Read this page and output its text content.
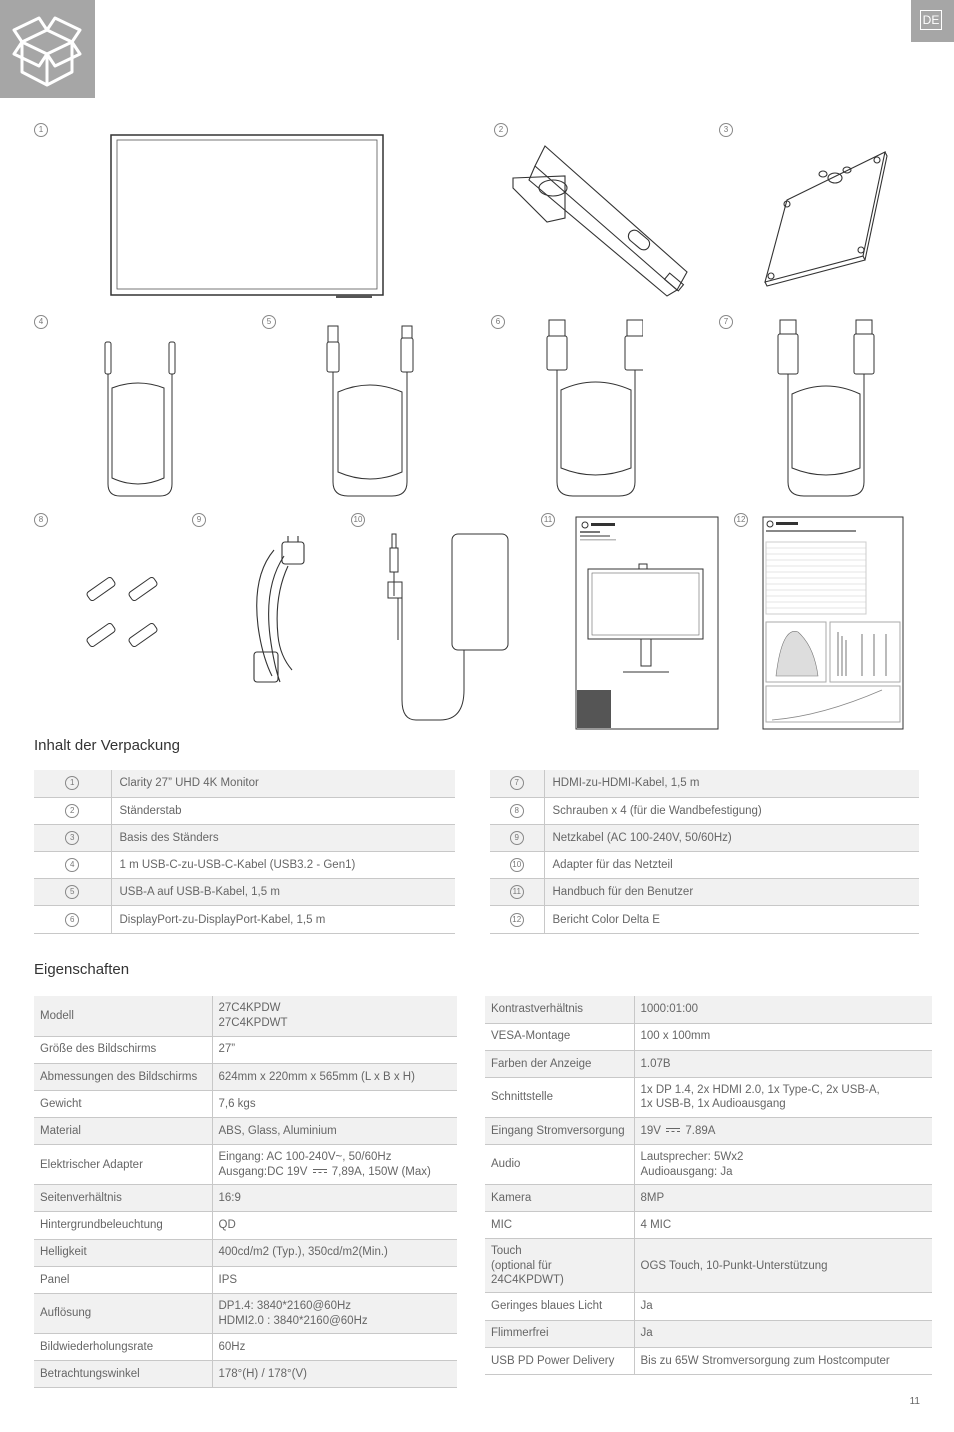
DE
1	2	3
4	5	6	7
8	9	10	11	12
Inhalt der Verpackung
1	Clarity 27” UHD 4K Monitor
2	Ständerstab
3	Basis des Ständers
4	1 m USB-C-zu-USB-C-Kabel (USB3.2 - Gen1)
5	USB-A auf USB-B-Kabel, 1,5 m
6	DisplayPort-zu-DisplayPort-Kabel, 1,5 m
7	HDMI-zu-HDMI-Kabel, 1,5 m
8	Schrauben x 4 (für die Wandbefestigung)
9	Netzkabel (AC 100-240V, 50/60Hz)
10	Adapter für das Netzteil
11	Handbuch für den Benutzer
12	Bericht Color Delta E
Eigenschaften
Modell	27C4KPDW
27C4KPDWT

Größe des Bildschirms	27”
Abmessungen des Bildschirms	624mm x 220mm x 565mm (L x B x H)
Gewicht	7,6 kgs
Material	ABS, Glass, Aluminium
Elektrischer Adapter	Eingang: AC 100-240V~, 50/60Hz
Ausgang:DC 19V 7,89A, 150W (Max)

Seitenverhältnis	16:9
Hintergrundbeleuchtung	QD
Helligkeit	400cd/m2 (Typ.), 350cd/m2(Min.)
Panel	IPS
Auflösung	DP1.4: 3840*2160@60Hz
HDMI2.0 : 3840*2160@60Hz

Bildwiederholungsrate	60Hz
Betrachtungswinkel	178°(H) / 178°(V)
Kontrastverhältnis	1000:01:00
VESA-Montage	100 x 100mm
Farben der Anzeige	1.07B
Schnittstelle	1x DP 1.4, 2x HDMI 2.0, 1x Type-C, 2x USB-A,
1x USB-B, 1x Audioausgang

Eingang Stromversorgung	19V 7.89A
Audio	Lautsprecher: 5Wx2
Audioausgang: Ja

Kamera	8MP
MIC	4 MIC

Touch
(optional für 24C4KPDWT)	OGS Touch, 10-Punkt-Unterstützung
Geringes blaues Licht	Ja
Flimmerfrei	Ja
USB PD Power Delivery	Bis zu 65W Stromversorgung zum Hostcomputer
11
